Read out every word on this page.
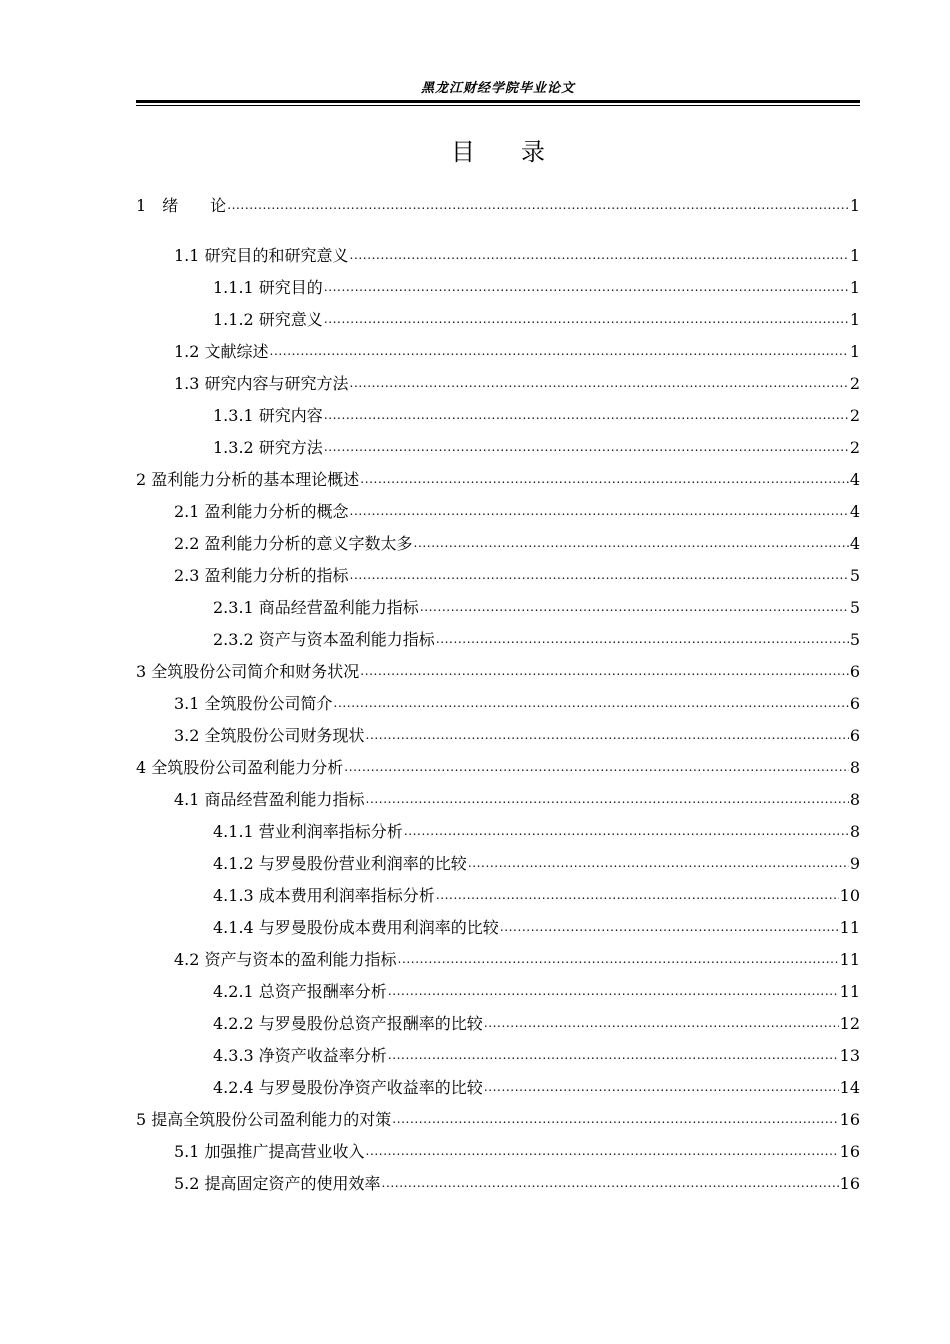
黑龙江财经学院毕业论文
目 录
1　绪　　论 .....	1
1.1 研究目的和研究意义 .....	1
1.1.1 研究目的 .....	1
1.1.2 研究意义 .....	1
1.2 文献综述 .....	1
1.3 研究内容与研究方法 .....	2
1.3.1 研究内容 .....	2
1.3.2 研究方法 .....	2
2 盈利能力分析的基本理论概述 .....	4
2.1 盈利能力分析的概念 .....	4
2.2 盈利能力分析的意义字数太多 .....	4
2.3 盈利能力分析的指标 .....	5
2.3.1 商品经营盈利能力指标 .....	5
2.3.2 资产与资本盈利能力指标 .....	5
3 全筑股份公司简介和财务状况 .....	6
3.1 全筑股份公司简介 .....	6
3.2 全筑股份公司财务现状 .....	6
4 全筑股份公司盈利能力分析 .....	8
4.1 商品经营盈利能力指标 .....	8
4.1.1 营业利润率指标分析 .....	8
4.1.2 与罗曼股份营业利润率的比较 .....	9
4.1.3 成本费用利润率指标分析 .....	10
4.1.4 与罗曼股份成本费用利润率的比较 .....	11
4.2 资产与资本的盈利能力指标 .....	11
4.2.1 总资产报酬率分析 .....	11
4.2.2 与罗曼股份总资产报酬率的比较 .....	12
4.3.3 净资产收益率分析 .....	13
4.2.4 与罗曼股份净资产收益率的比较 .....	14
5 提高全筑股份公司盈利能力的对策 .....	16
5.1 加强推广提高营业收入 .....	16
5.2 提高固定资产的使用效率 .....	16
